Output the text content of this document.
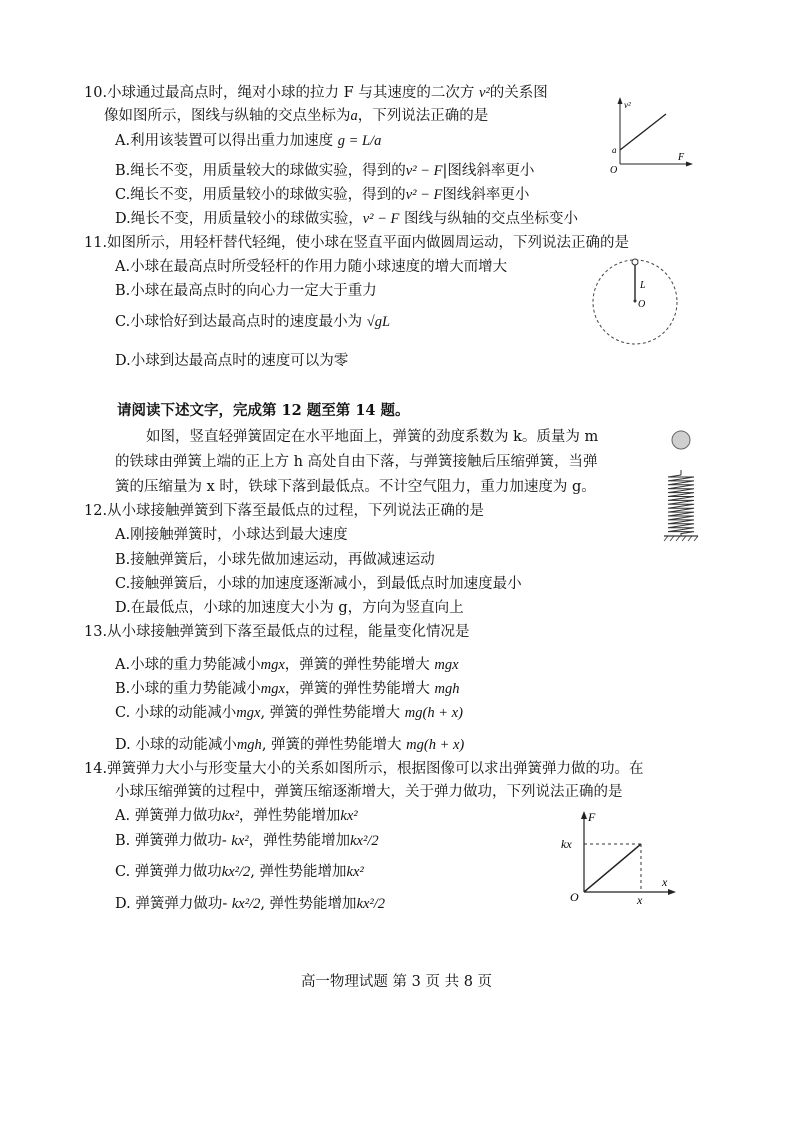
10.小球通过最高点时，绳对小球的拉力 F 与其速度的二次方 v²的关系图
像如图所示，图线与纵轴的交点坐标为a，下列说法正确的是
A.利用该装置可以得出重力加速度 g = L/a
B.绳长不变，用质量较大的球做实验，得到的v² − F|图线斜率更小
C.绳长不变，用质量较小的球做实验，得到的v² − F图线斜率更小
D.绳长不变，用质量较小的球做实验，v² − F 图线与纵轴的交点坐标变小
v²
F
a
O
11.如图所示，用轻杆替代轻绳，使小球在竖直平面内做圆周运动，下列说法正确的是
A.小球在最高点时所受轻杆的作用力随小球速度的增大而增大
B.小球在最高点时的向心力一定大于重力
C.小球恰好到达最高点时的速度最小为 √gL
D.小球到达最高点时的速度可以为零
L
O
请阅读下述文字，完成第 12 题至第 14 题。
如图，竖直轻弹簧固定在水平地面上，弹簧的劲度系数为 k。质量为 m
的铁球由弹簧上端的正上方 h 高处自由下落，与弹簧接触后压缩弹簧，当弹
簧的压缩量为 x 时，铁球下落到最低点。不计空气阻力，重力加速度为 g。
12.从小球接触弹簧到下落至最低点的过程，下列说法正确的是
A.刚接触弹簧时，小球达到最大速度
B.接触弹簧后，小球先做加速运动，再做减速运动
C.接触弹簧后，小球的加速度逐渐减小，到最低点时加速度最小
D.在最低点，小球的加速度大小为 g，方向为竖直向上
13.从小球接触弹簧到下落至最低点的过程，能量变化情况是
A.小球的重力势能减小mgx，弹簧的弹性势能增大 mgx
B.小球的重力势能减小mgx，弹簧的弹性势能增大 mgh
C. 小球的动能减小mgx, 弹簧的弹性势能增大 mg(h + x)
D. 小球的动能减小mgh, 弹簧的弹性势能增大 mg(h + x)
14.弹簧弹力大小与形变量大小的关系如图所示，根据图像可以求出弹簧弹力做的功。在
小球压缩弹簧的过程中，弹簧压缩逐渐增大，关于弹力做功，下列说法正确的是
A. 弹簧弹力做功kx²，弹性势能增加kx²
B. 弹簧弹力做功- kx²，弹性势能增加kx²/2
C. 弹簧弹力做功kx²/2, 弹性势能增加kx²
D. 弹簧弹力做功- kx²/2, 弹性势能增加kx²/2
F
x
kx
x
O
高一物理试题 第 3 页 共 8 页
